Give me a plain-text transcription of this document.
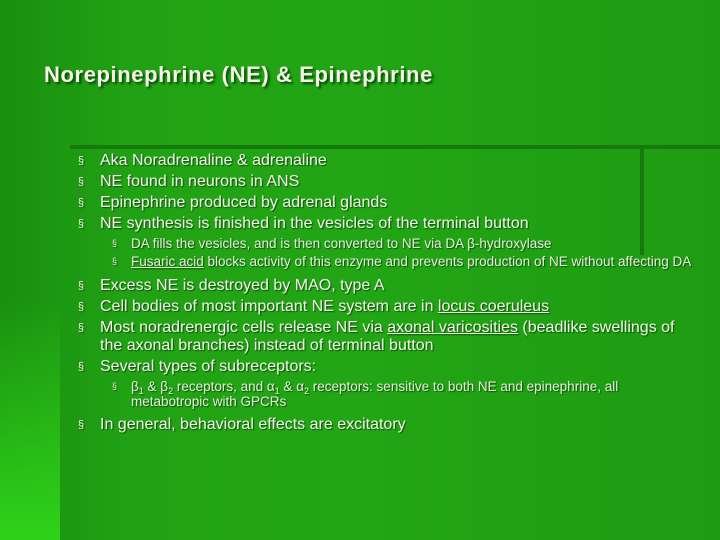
Norepinephrine (NE) & Epinephrine
§ Aka Noradrenaline & adrenaline
§ NE found in neurons in ANS
§ Epinephrine produced by adrenal glands
§ NE synthesis is finished in the vesicles of the terminal button
§ DA fills the vesicles, and is then converted to NE via DA β-hydroxylase
§ Fusaric acid blocks activity of this enzyme and prevents production of NE without affecting DA
§ Excess NE is destroyed by MAO, type A
§ Cell bodies of most important NE system are in locus coeruleus
§ Most noradrenergic cells release NE via axonal varicosities (beadlike swellings of the axonal branches) instead of terminal button
§ Several types of subreceptors:
§ $\beta_1$ & $\beta_2$ receptors, and $\alpha_1$ & $\alpha_2$ receptors: sensitive to both NE and epinephrine, all metabotropic with GPCRs
§ In general, behavioral effects are excitatory
